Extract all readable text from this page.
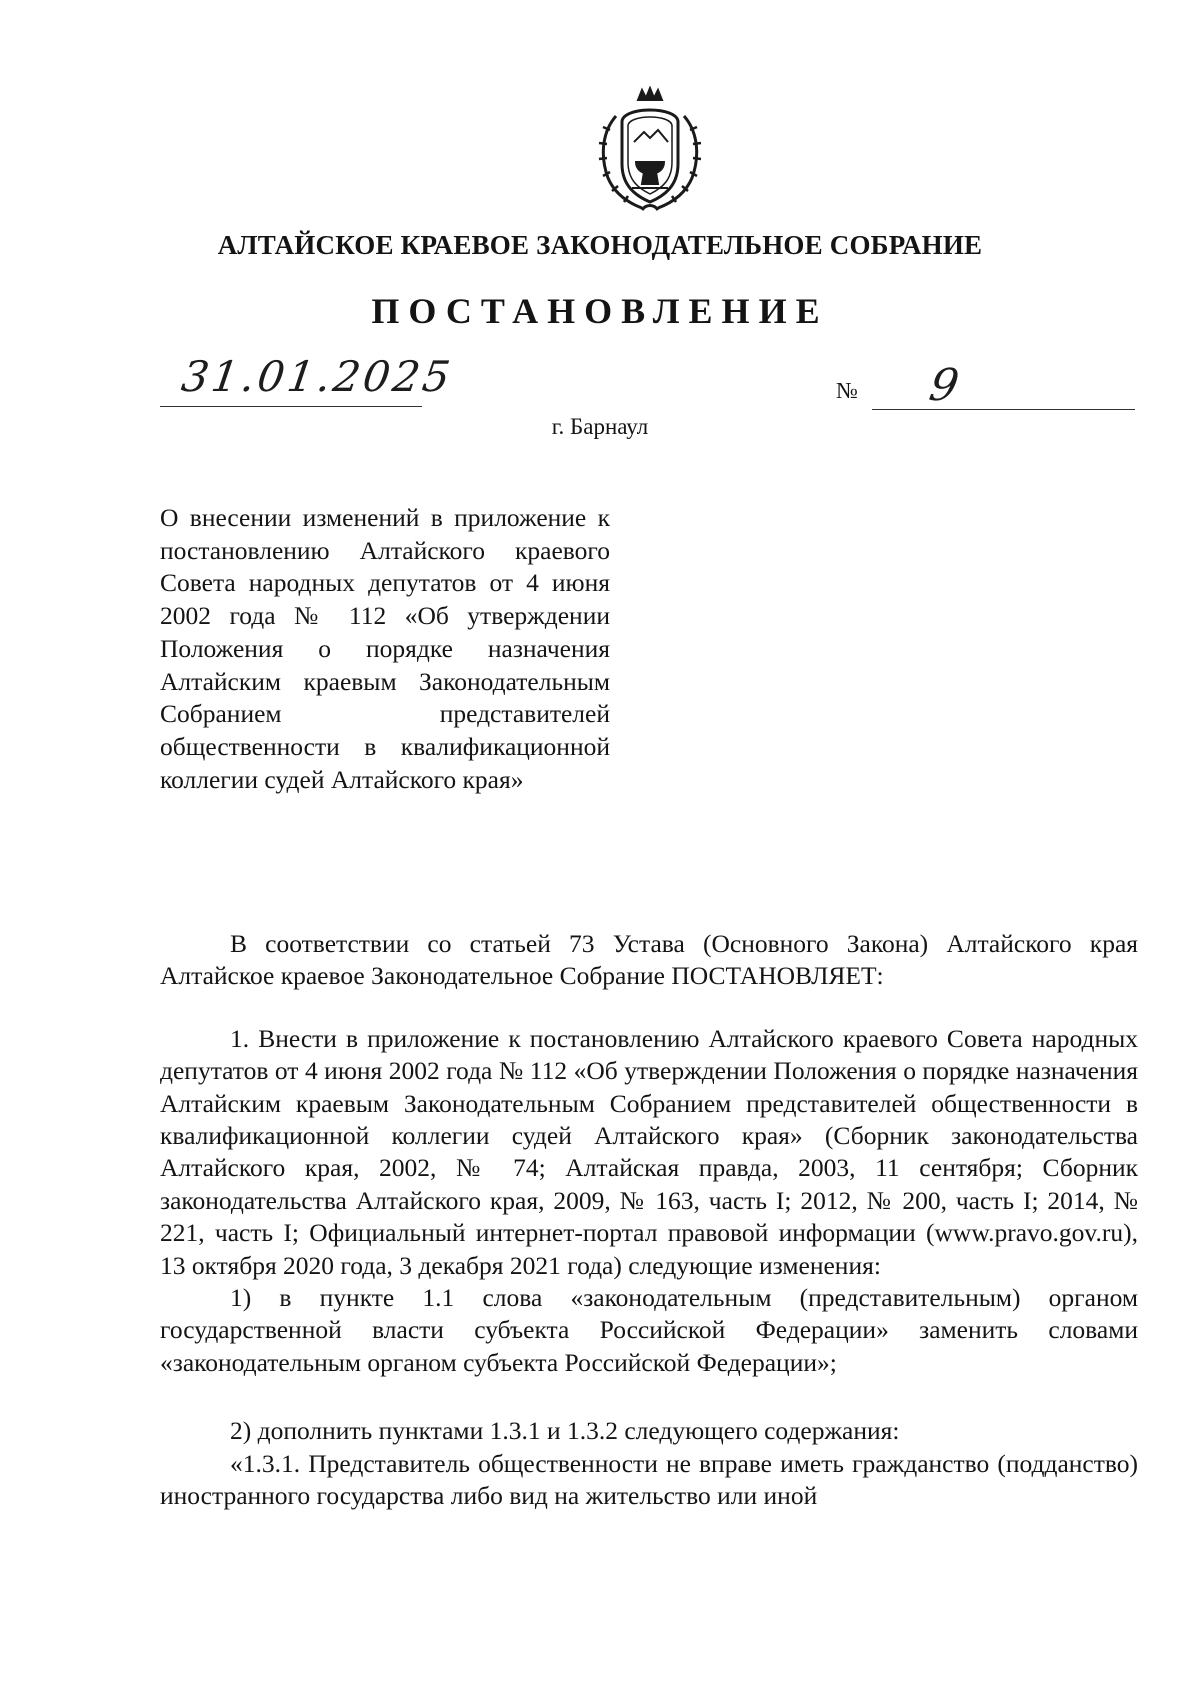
АЛТАЙСКОЕ КРАЕВОЕ ЗАКОНОДАТЕЛЬНОЕ СОБРАНИЕ
ПОСТАНОВЛЕНИЕ
31.01.2025	№ 9
г. Барнаул
О внесении изменений в приложение к постановлению Алтайского краевого Совета народных депутатов от 4 июня 2002 года № 112 «Об утверждении Положения о порядке назначения Алтайским краевым Законодательным Собранием представителей общественности в квалификационной коллегии судей Алтайского края»

В соответствии со статьей 73 Устава (Основного Закона) Алтайского края Алтайское краевое Законодательное Собрание ПОСТАНОВЛЯЕТ:

1. Внести в приложение к постановлению Алтайского краевого Совета народных депутатов от 4 июня 2002 года № 112 «Об утверждении Положения о порядке назначения Алтайским краевым Законодательным Собранием представителей общественности в квалификационной коллегии судей Алтайского края» (Сборник законодательства Алтайского края, 2002, № 74; Алтайская правда, 2003, 11 сентября; Сборник законодательства Алтайского края, 2009, № 163, часть I; 2012, № 200, часть I; 2014, № 221, часть I; Официальный интернет-портал правовой информации (www.pravo.gov.ru), 13 октября 2020 года, 3 декабря 2021 года) следующие изменения:

1) в пункте 1.1 слова «законодательным (представительным) органом государственной власти субъекта Российской Федерации» заменить словами «законодательным органом субъекта Российской Федерации»;

2) дополнить пунктами 1.3.1 и 1.3.2 следующего содержания:

«1.3.1. Представитель общественности не вправе иметь гражданство (подданство) иностранного государства либо вид на жительство или иной
